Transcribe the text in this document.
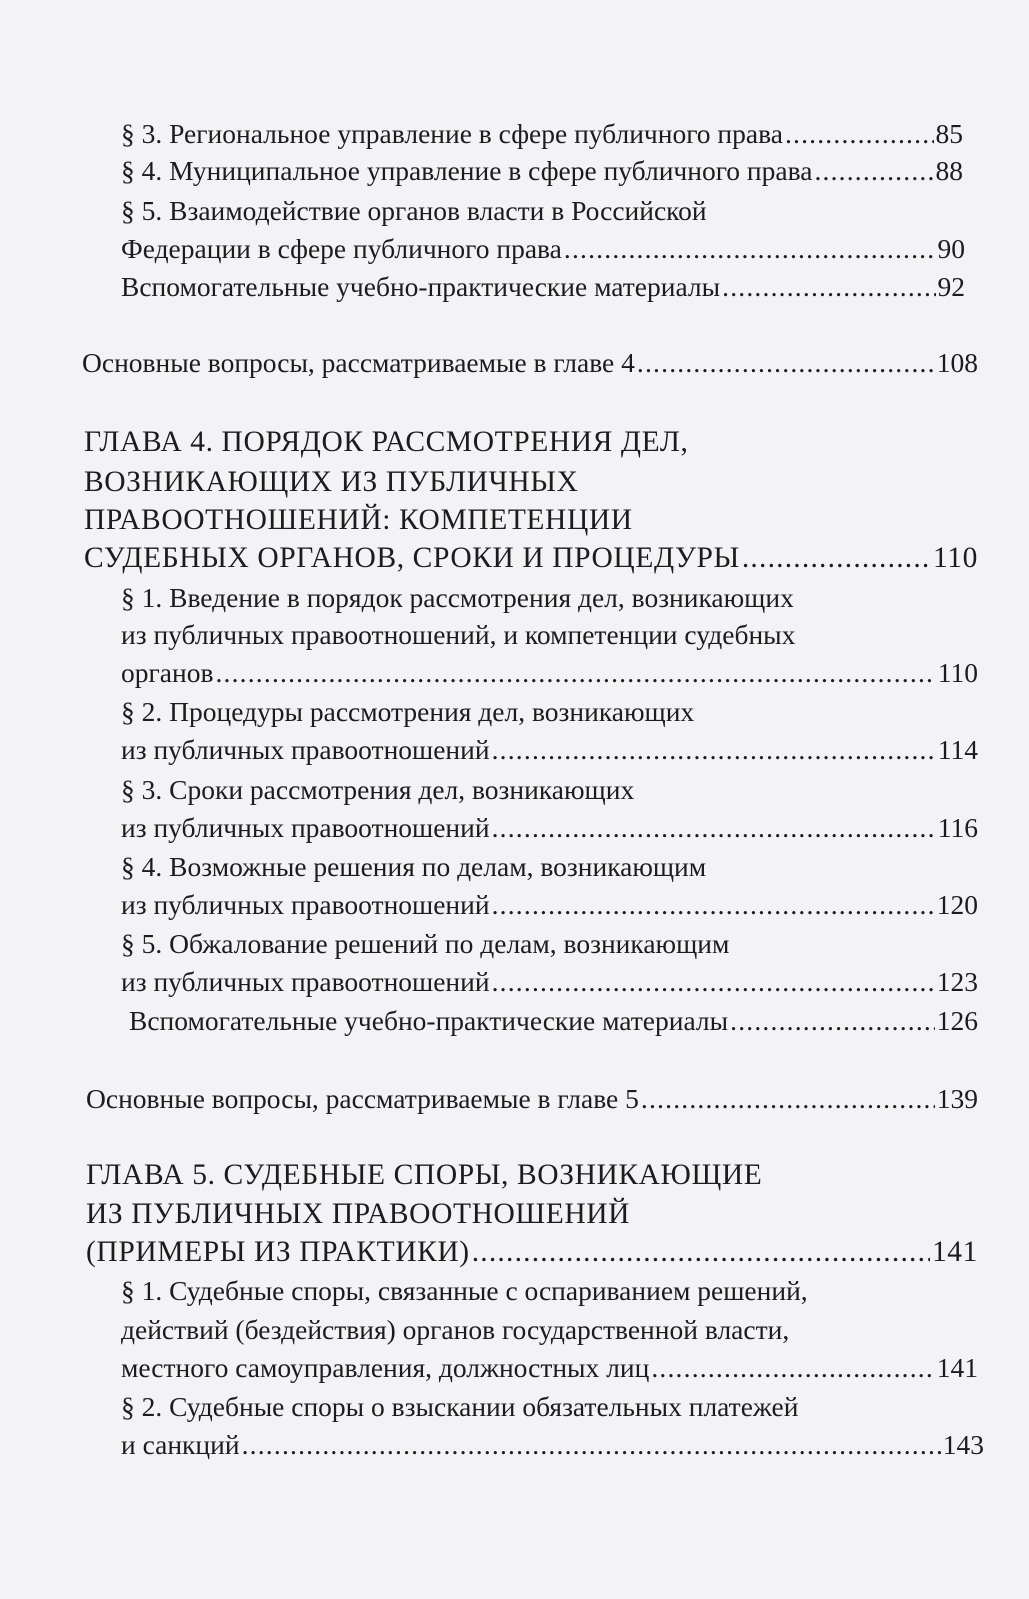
§ 3. Региональное управление в сфере публичного права .....	85
§ 4. Муниципальное управление в сфере публичного права .....	88
§ 5. Взаимодействие органов власти в Российской
Федерации в сфере публичного права .....	90
Вспомогательные учебно-практические материалы .....	92
Основные вопросы, рассматриваемые в главе 4 .....	108
ГЛАВА 4. ПОРЯДОК РАССМОТРЕНИЯ ДЕЛ,
ВОЗНИКАЮЩИХ ИЗ ПУБЛИЧНЫХ
ПРАВООТНОШЕНИЙ: КОМПЕТЕНЦИИ
СУДЕБНЫХ ОРГАНОВ, СРОКИ И ПРОЦЕДУРЫ .....	110
§ 1. Введение в порядок рассмотрения дел, возникающих
из публичных правоотношений, и компетенции судебных
органов .....	110
§ 2. Процедуры рассмотрения дел, возникающих
из публичных правоотношений .....	114
§ 3. Сроки рассмотрения дел, возникающих
из публичных правоотношений .....	116
§ 4. Возможные решения по делам, возникающим
из публичных правоотношений .....	120
§ 5. Обжалование решений по делам, возникающим
из публичных правоотношений .....	123
Вспомогательные учебно-практические материалы .....	126
Основные вопросы, рассматриваемые в главе 5 .....	139
ГЛАВА 5. СУДЕБНЫЕ СПОРЫ, ВОЗНИКАЮЩИЕ
ИЗ ПУБЛИЧНЫХ ПРАВООТНОШЕНИЙ
(ПРИМЕРЫ ИЗ ПРАКТИКИ) .....	141
§ 1. Судебные споры, связанные с оспариванием решений,
действий (бездействия) органов государственной власти,
местного самоуправления, должностных лиц .....	141
§ 2. Судебные споры о взыскании обязательных платежей
и санкций .....	143
